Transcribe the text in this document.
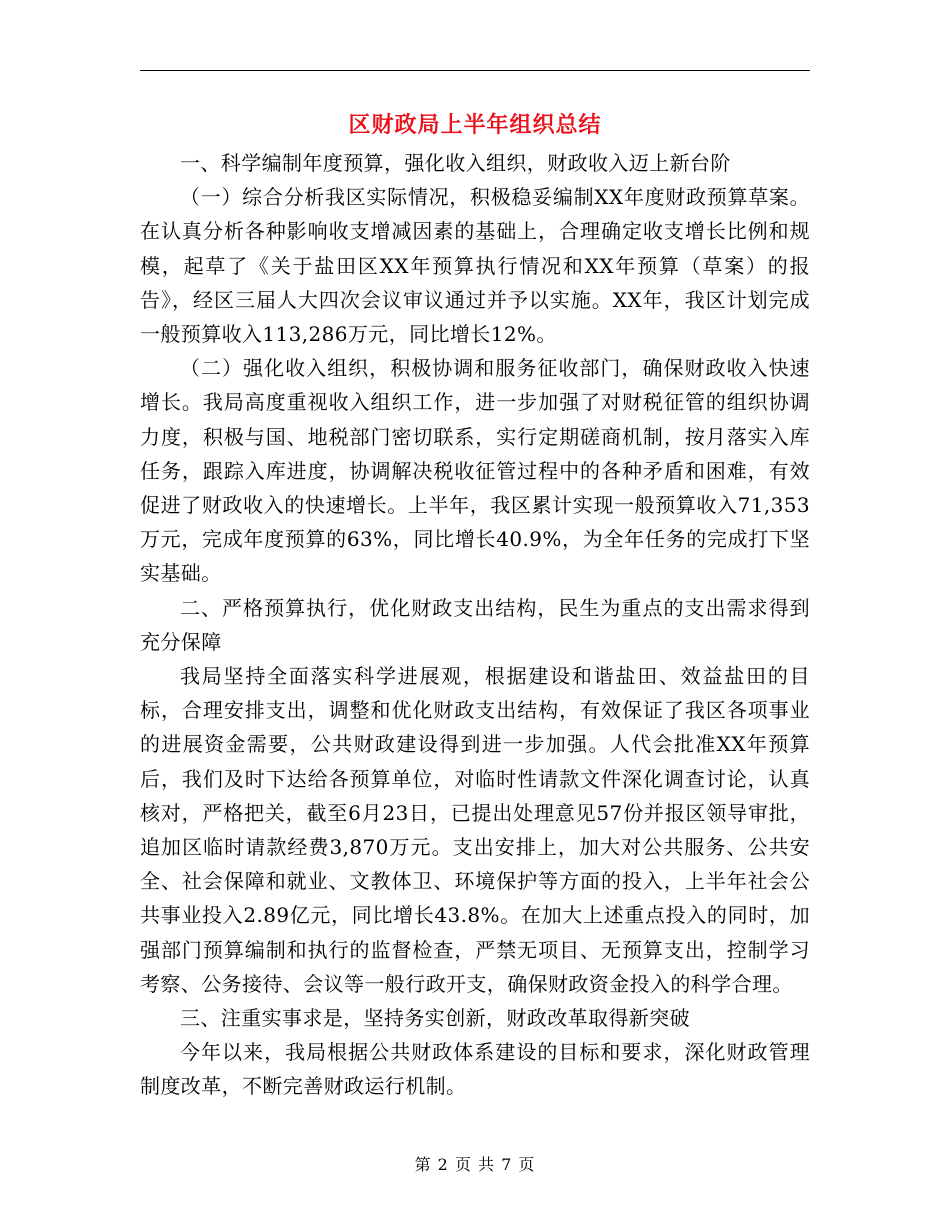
区财政局上半年组织总结

一、科学编制年度预算，强化收入组织，财政收入迈上新台阶

（一）综合分析我区实际情况，积极稳妥编制XX年度财政预算草案。在认真分析各种影响收支增减因素的基础上，合理确定收支增长比例和规模，起草了《关于盐田区XX年预算执行情况和XX年预算（草案）的报告》，经区三届人大四次会议审议通过并予以实施。XX年，我区计划完成一般预算收入113,286万元，同比增长12%。

（二）强化收入组织，积极协调和服务征收部门，确保财政收入快速增长。我局高度重视收入组织工作，进一步加强了对财税征管的组织协调力度，积极与国、地税部门密切联系，实行定期磋商机制，按月落实入库任务，跟踪入库进度，协调解决税收征管过程中的各种矛盾和困难，有效促进了财政收入的快速增长。上半年，我区累计实现一般预算收入71,353万元，完成年度预算的63%，同比增长40.9%，为全年任务的完成打下坚实基础。

二、严格预算执行，优化财政支出结构，民生为重点的支出需求得到充分保障

我局坚持全面落实科学进展观，根据建设和谐盐田、效益盐田的目标，合理安排支出，调整和优化财政支出结构，有效保证了我区各项事业的进展资金需要，公共财政建设得到进一步加强。人代会批准XX年预算后，我们及时下达给各预算单位，对临时性请款文件深化调查讨论，认真核对，严格把关，截至6月23日，已提出处理意见57份并报区领导审批，追加区临时请款经费3,870万元。支出安排上，加大对公共服务、公共安全、社会保障和就业、文教体卫、环境保护等方面的投入，上半年社会公共事业投入2.89亿元，同比增长43.8%。在加大上述重点投入的同时，加强部门预算编制和执行的监督检查，严禁无项目、无预算支出，控制学习考察、公务接待、会议等一般行政开支，确保财政资金投入的科学合理。

三、注重实事求是，坚持务实创新，财政改革取得新突破

今年以来，我局根据公共财政体系建设的目标和要求，深化财政管理制度改革，不断完善财政运行机制。

第 2 页 共 7 页
